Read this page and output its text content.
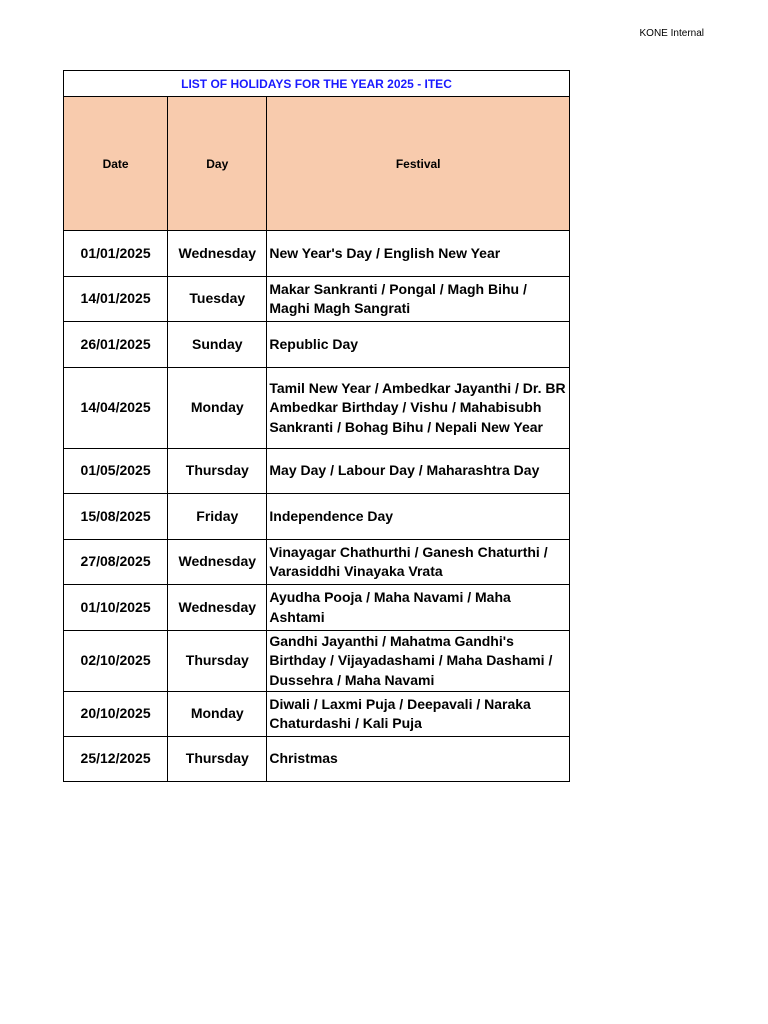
KONE Internal
LIST OF HOLIDAYS FOR THE YEAR 2025 - ITEC		
Date	Day	Festival
01/01/2025	Wednesday	New Year's Day / English New Year
14/01/2025	Tuesday	Makar Sankranti / Pongal / Magh Bihu / Maghi Magh Sangrati
26/01/2025	Sunday	Republic Day
14/04/2025	Monday	Tamil New Year / Ambedkar Jayanthi / Dr. BR Ambedkar Birthday / Vishu / Mahabisubh Sankranti / Bohag Bihu / Nepali New Year
01/05/2025	Thursday	May Day / Labour Day / Maharashtra Day
15/08/2025	Friday	Independence Day
27/08/2025	Wednesday	Vinayagar Chathurthi / Ganesh Chaturthi / Varasiddhi Vinayaka Vrata
01/10/2025	Wednesday	Ayudha Pooja / Maha Navami / Maha Ashtami
02/10/2025	Thursday	Gandhi Jayanthi / Mahatma Gandhi's Birthday / Vijayadashami / Maha Dashami / Dussehra / Maha Navami
20/10/2025	Monday	Diwali / Laxmi Puja / Deepavali / Naraka Chaturdashi / Kali Puja
25/12/2025	Thursday	Christmas
